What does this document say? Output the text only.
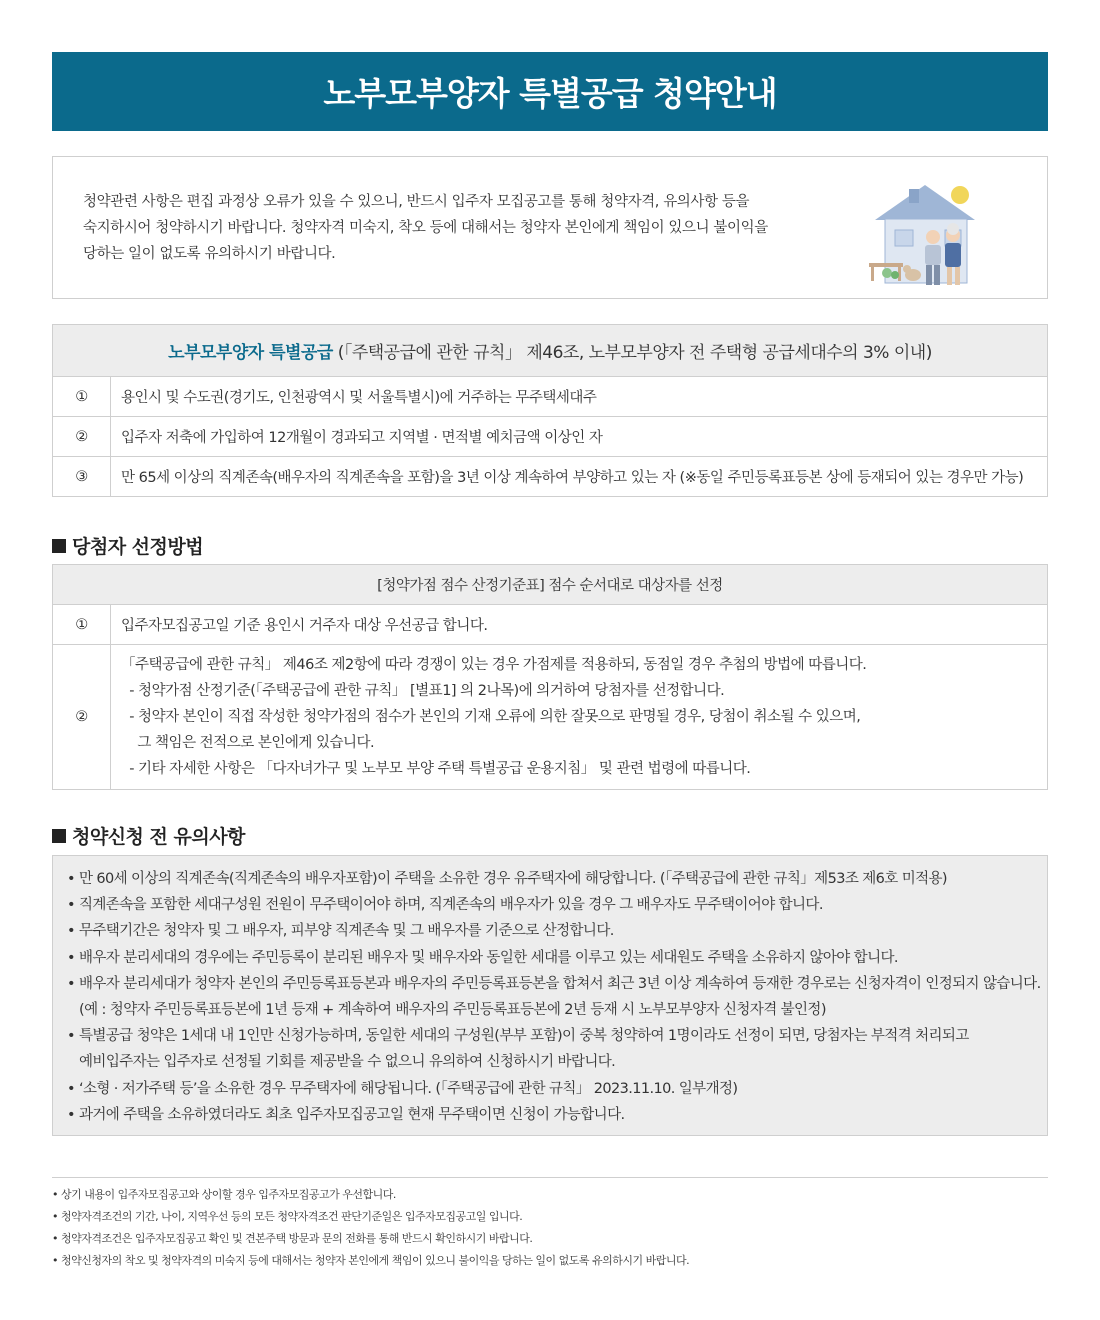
노부모부양자 특별공급 청약안내

청약관련 사항은 편집 과정상 오류가 있을 수 있으니, 반드시 입주자 모집공고를 통해 청약자격, 유의사항 등을

숙지하시어 청약하시기 바랍니다. 청약자격 미숙지, 착오 등에 대해서는 청약자 본인에게 책임이 있으니 불이익을

당하는 일이 없도록 유의하시기 바랍니다.

노부모부양자 특별공급 (「주택공급에 관한 규칙」 제46조, 노부모부양자 전 주택형 공급세대수의 3% 이내)	
①	용인시 및 수도권(경기도, 인천광역시 및 서울특별시)에 거주하는 무주택세대주
②	입주자 저축에 가입하여 12개월이 경과되고 지역별 · 면적별 예치금액 이상인 자
③	만 65세 이상의 직계존속(배우자의 직계존속을 포함)을 3년 이상 계속하여 부양하고 있는 자 (※동일 주민등록표등본 상에 등재되어 있는 경우만 가능)
당첨자 선정방법
[청약가점 점수 산정기준표] 점수 순서대로 대상자를 선정	
①	입주자모집공고일 기준 용인시 거주자 대상 우선공급 합니다.
②	「주택공급에 관한 규칙」 제46조 제2항에 따라 경쟁이 있는 경우 가점제를 적용하되, 동점일 경우 추첨의 방법에 따릅니다.

- 청약가점 산정기준(「주택공급에 관한 규칙」 [별표1] 의 2나목)에 의거하여 당첨자를 선정합니다.

- 청약자 본인이 직접 작성한 청약가점의 점수가 본인의 기재 오류에 의한 잘못으로 판명될 경우, 당첨이 취소될 수 있으며,

그 책임은 전적으로 본인에게 있습니다.

- 기타 자세한 사항은 「다자녀가구 및 노부모 부양 주택 특별공급 운용지침」 및 관련 법령에 따릅니다.

청약신청 전 유의사항

• 만 60세 이상의 직계존속(직계존속의 배우자포함)이 주택을 소유한 경우 유주택자에 해당합니다. (「주택공급에 관한 규칙」제53조 제6호 미적용)

• 직계존속을 포함한 세대구성원 전원이 무주택이어야 하며, 직계존속의 배우자가 있을 경우 그 배우자도 무주택이어야 합니다.

• 무주택기간은 청약자 및 그 배우자, 피부양 직계존속 및 그 배우자를 기준으로 산정합니다.

• 배우자 분리세대의 경우에는 주민등록이 분리된 배우자 및 배우자와 동일한 세대를 이루고 있는 세대원도 주택을 소유하지 않아야 합니다.

• 배우자 분리세대가 청약자 본인의 주민등록표등본과 배우자의 주민등록표등본을 합쳐서 최근 3년 이상 계속하여 등재한 경우로는 신청자격이 인정되지 않습니다.

(예 : 청약자 주민등록표등본에 1년 등재 + 계속하여 배우자의 주민등록표등본에 2년 등재 시 노부모부양자 신청자격 불인정)

• 특별공급 청약은 1세대 내 1인만 신청가능하며, 동일한 세대의 구성원(부부 포함)이 중복 청약하여 1명이라도 선정이 되면, 당첨자는 부적격 처리되고

예비입주자는 입주자로 선정될 기회를 제공받을 수 없으니 유의하여 신청하시기 바랍니다.

• ‘소형 · 저가주택 등’을 소유한 경우 무주택자에 해당됩니다. (「주택공급에 관한 규칙」 2023.11.10. 일부개정)

• 과거에 주택을 소유하였더라도 최초 입주자모집공고일 현재 무주택이면 신청이 가능합니다.

• 상기 내용이 입주자모집공고와 상이할 경우 입주자모집공고가 우선합니다.

• 청약자격조건의 기간, 나이, 지역우선 등의 모든 청약자격조건 판단기준일은 입주자모집공고일 입니다.

• 청약자격조건은 입주자모집공고 확인 및 견본주택 방문과 문의 전화를 통해 반드시 확인하시기 바랍니다.

• 청약신청자의 착오 및 청약자격의 미숙지 등에 대해서는 청약자 본인에게 책임이 있으니 불이익을 당하는 일이 없도록 유의하시기 바랍니다.
